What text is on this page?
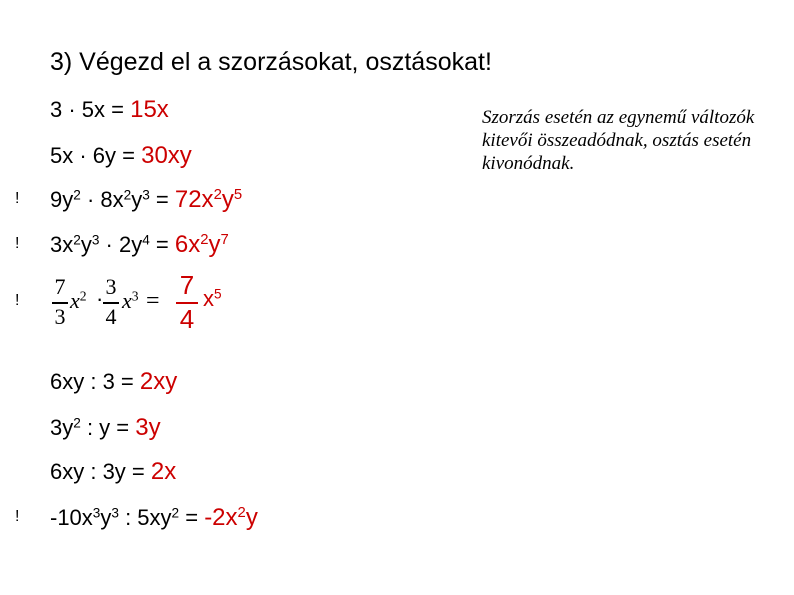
3) Végezd el a szorzásokat, osztásokat!
Szorzás esetén az egynemű változók kitevői összeadódnak, osztás esetén kivonódnak.
3 · 5x = 15x
5x · 6y = 30xy
! $9y^2 \cdot 8x^2y^3 = 72x^2y^5$
! $3x^2y^3 \cdot 2y^4 = 6x^2y^7$
!
7
3
$x^2 \cdot 3$
4
$x^3$ =
7
4
$x^5$
6xy : 3 = 2xy
$3y^2$ : y = 3y
6xy : 3y = 2x
! $-10x^3y^3$ : $5xy^2 = -2x^2y$
